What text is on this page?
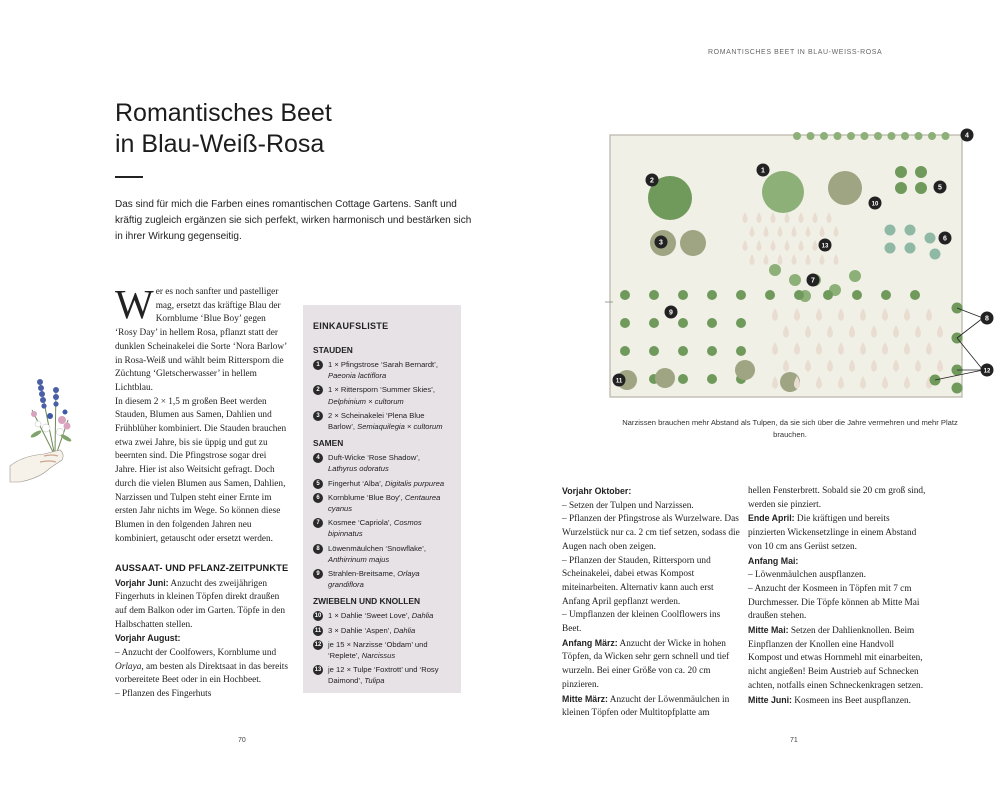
Romantisches Beet
in Blau-Weiß-Rosa

Das sind für mich die Farben eines romantischen Cottage Gartens. Sanft und kräftig zugleich ergänzen sie sich perfekt, wirken harmonisch und bestärken sich in ihrer Wirkung gegenseitig.

Wer es noch sanfter und pastelliger mag, ersetzt das kräftige Blau der Kornblume ‘Blue Boy’ gegen ‘Rosy Day’ in hellem Rosa, pflanzt statt der dunklen Scheinakelei die Sorte ‘Nora Barlow’ in Rosa-Weiß und wählt beim Rittersporn die Züchtung ‘Gletscherwasser’ in hellem Lichtblau.
In diesem 2 × 1,5 m großen Beet werden Stauden, Blumen aus Samen, Dahlien und Frühblüher kombiniert. Die Stauden brauchen etwa zwei Jahre, bis sie üppig und gut zu beernten sind. Die Pfingstrose sogar drei Jahre. Hier ist also Weitsicht gefragt. Doch durch die vielen Blumen aus Samen, Dahlien, Narzissen und Tulpen steht einer Ernte im ersten Jahr nichts im Wege. So können diese Blumen in den folgenden Jahren neu kombiniert, getauscht oder ersetzt werden.
AUSSAAT- UND PFLANZ-ZEITPUNKTE
Vorjahr Juni: Anzucht des zweijährigen Fingerhuts in kleinen Töpfen direkt draußen auf dem Balkon oder im Garten. Töpfe in den Halbschatten stellen.
Vorjahr August:
– Anzucht der Coolfowers, Kornblume und Orlaya, am besten als Direktsaat in das bereits vorbereitete Beet oder in ein Hochbeet.
– Pflanzen des Fingerhuts
EINKAUFSLISTE
STAUDEN
1	1 × Pfingstrose ‘Sarah Bernardt’, Paeonia lactiflora
2	1 × Rittersporn ‘Summer Skies’, Delphinium × cultorum
3	2 × Scheinakelei ‘Plena Blue Barlow’, Semiaquilegia × cultorum
SAMEN
4	Duft-Wicke ‘Rose Shadow’, Lathyrus odoratus
5	Fingerhut ‘Alba’, Digitalis purpurea
6	Kornblume ‘Blue Boy’, Centaurea cyanus
7	Kosmee ‘Capriola’, Cosmos bipinnatus
8	Löwenmäulchen ‘Snowflake’, Anthirrinum majus
9	Strahlen-Breitsame, Orlaya grandiflora
ZWIEBELN UND KNOLLEN
10 1 × Dahlie ‘Sweet Love’, Dahlia
11 3 × Dahlie ‘Aspen’, Dahlia
12 je 15 × Narzisse ‘Obdam’ und ‘Replete’, Narcissus
13 je 12 × Tulpe ‘Foxtrott’ und ‘Rosy Daimond’, Tulipa
70
ROMANTISCHES BEET IN BLAU-WEISS-ROSA
1
2
3
4
5
6
7
8
9
10
11
12
13

Narzissen brauchen mehr Abstand als Tulpen, da sie sich über die Jahre vermehren und mehr Platz brauchen.

Vorjahr Oktober:
– Setzen der Tulpen und Narzissen.
– Pflanzen der Pfingstrose als Wurzelware. Das Wurzelstück nur ca. 2 cm tief setzen, sodass die Augen nach oben zeigen.
– Pflanzen der Stauden, Rittersporn und Scheinakelei, dabei etwas Kompost miteinarbeiten. Alternativ kann auch erst Anfang April gepflanzt werden.
– Umpflanzen der kleinen Coolflowers ins Beet.
Anfang März: Anzucht der Wicke in hohen Töpfen, da Wicken sehr gern schnell und tief wurzeln. Bei einer Größe von ca. 20 cm pinzieren.
Mitte März: Anzucht der Löwenmäulchen in kleinen Töpfen oder Multitopfplatte am
hellen Fensterbrett. Sobald sie 20 cm groß sind, werden sie pinziert.
Ende April: Die kräftigen und bereits pinzierten Wickensetzlinge in einem Abstand von 10 cm ans Gerüst setzen.
Anfang Mai:
– Löwenmäulchen auspflanzen.
– Anzucht der Kosmeen in Töpfen mit 7 cm Durchmesser. Die Töpfe können ab Mitte Mai draußen stehen.
Mitte Mai: Setzen der Dahlienknollen. Beim Einpflanzen der Knollen eine Handvoll Kompost und etwas Hornmehl mit einarbeiten, nicht angießen! Beim Austrieb auf Schnecken achten, notfalls einen Schneckenkragen setzen.
Mitte Juni: Kosmeen ins Beet auspflanzen.
71
